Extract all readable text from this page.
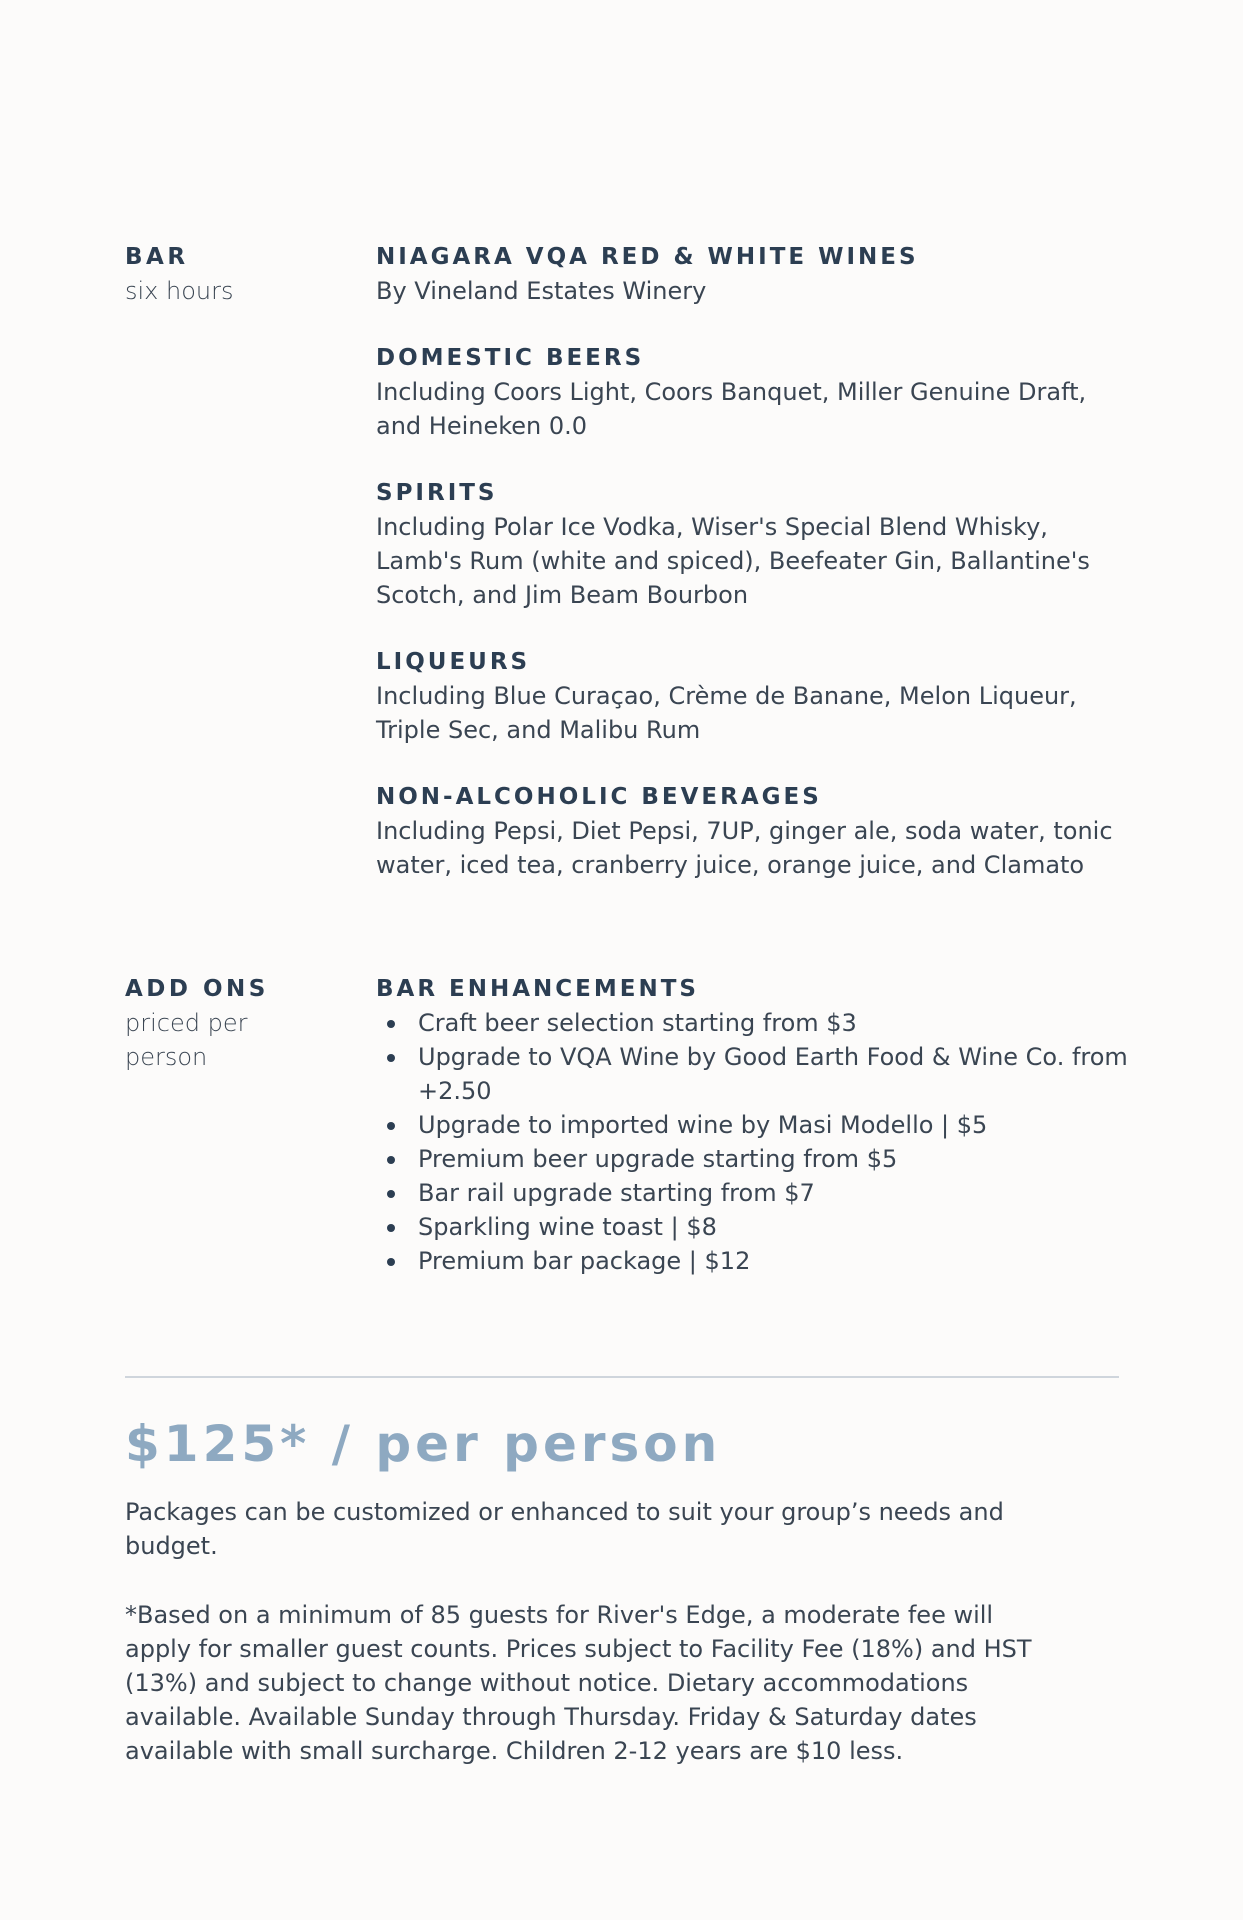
BAR
six hours
NIAGARA VQA RED & WHITE WINES
By Vineland Estates Winery
DOMESTIC BEERS
Including Coors Light, Coors Banquet, Miller Genuine Draft, and Heineken 0.0
SPIRITS
Including Polar Ice Vodka, Wiser's Special Blend Whisky, Lamb's Rum (white and spiced), Beefeater Gin, Ballantine's Scotch, and Jim Beam Bourbon
LIQUEURS
Including Blue Curaçao, Crème de Banane, Melon Liqueur, Triple Sec, and Malibu Rum
NON-ALCOHOLIC BEVERAGES
Including Pepsi, Diet Pepsi, 7UP, ginger ale, soda water, tonic water, iced tea, cranberry juice, orange juice, and Clamato
ADD ONS
priced per person
BAR ENHANCEMENTS
Craft beer selection starting from $3
Upgrade to VQA Wine by Good Earth Food & Wine Co. from +2.50
Upgrade to imported wine by Masi Modello | $5
Premium beer upgrade starting from $5
Bar rail upgrade starting from $7
Sparkling wine toast | $8
Premium bar package | $12
$125* / per person
Packages can be customized or enhanced to suit your group’s needs and budget.
*Based on a minimum of 85 guests for River's Edge, a moderate fee will apply for smaller guest counts. Prices subject to Facility Fee (18%) and HST (13%) and subject to change without notice. Dietary accommodations available. Available Sunday through Thursday. Friday & Saturday dates available with small surcharge. Children 2-12 years are $10 less.
